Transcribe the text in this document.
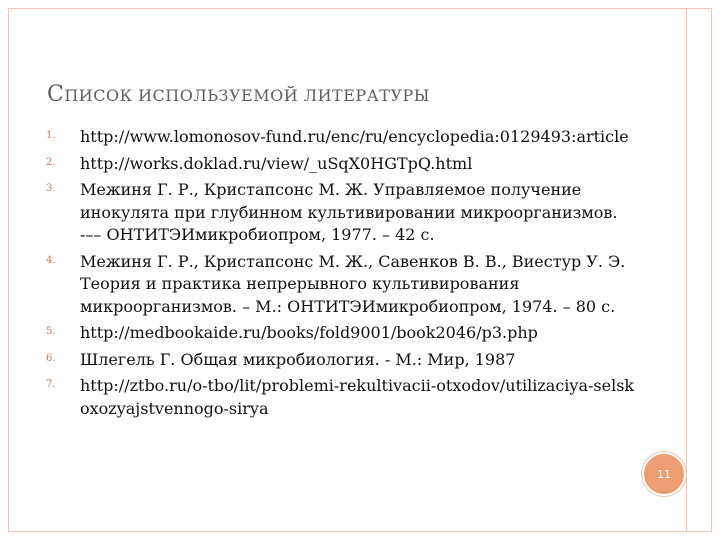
СПИСОК ИСПОЛЬЗУЕМОЙ ЛИТЕРАТУРЫ
1. http://www.lomonosov-fund.ru/enc/ru/encyclopedia:0129493:article
2. http://works.doklad.ru/view/_uSqX0HGTpQ.html
3. Межиня Г. Р., Кристапсонс М. Ж. Управляемое получение инокулята при глубинном культивировании микроорганизмов. -–– ОНТИТЭИмикробиопром, 1977. – 42 с.
4. Межиня Г. Р., Кристапсонс М. Ж., Савенков В. В., Виестур У. Э. Теория и практика непрерывного культивирования микроорганизмов. – М.: ОНТИТЭИмикробиопром, 1974. – 80 с.
5. http://medbookaide.ru/books/fold9001/book2046/p3.php
6. Шлегель Г. Общая микробиология. - М.: Мир, 1987
7. http://ztbo.ru/o-tbo/lit/problemi-rekultivacii-otxodov/utilizaciya-selskoxozyajstvennogo-sirya
11
